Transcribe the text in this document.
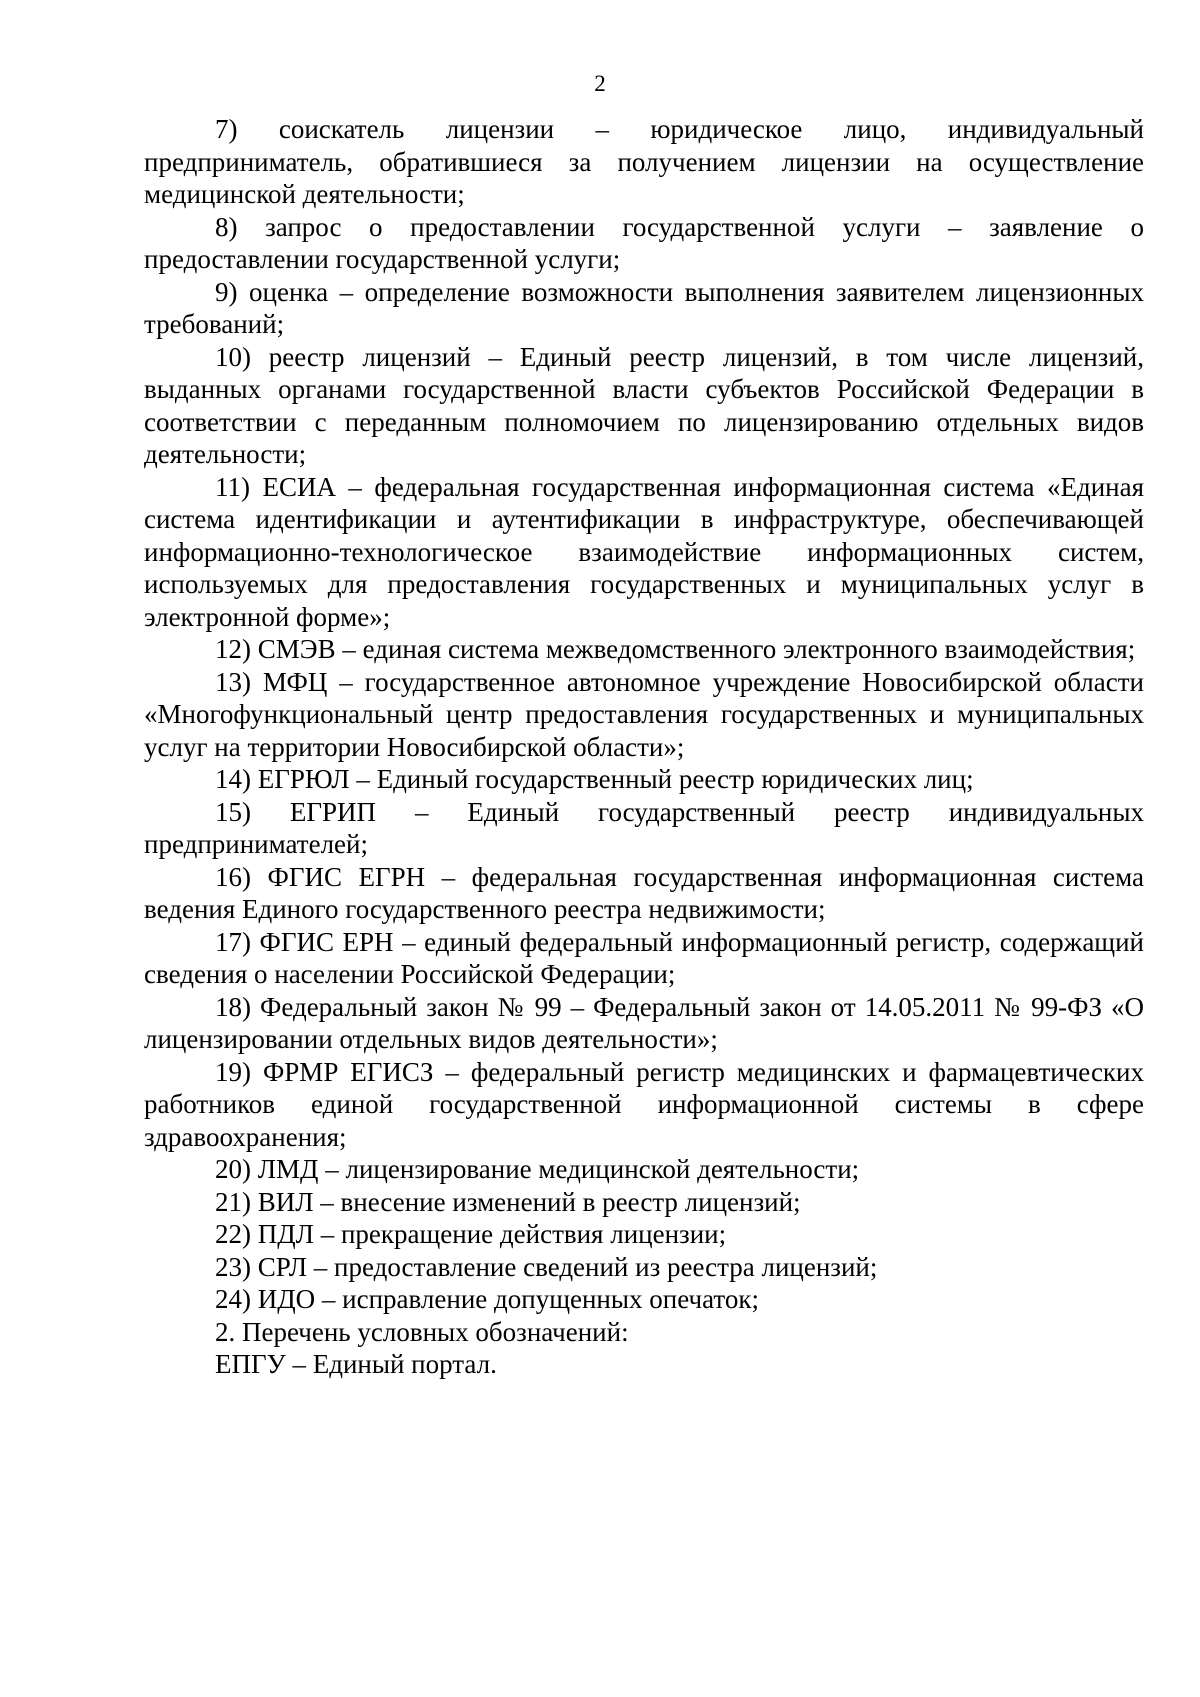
2

7) соискатель лицензии – юридическое лицо, индивидуальный предприниматель, обратившиеся за получением лицензии на осуществление медицинской деятельности;

8) запрос о предоставлении государственной услуги – заявление о предоставлении государственной услуги;

9) оценка – определение возможности выполнения заявителем лицензионных требований;

10) реестр лицензий – Единый реестр лицензий, в том числе лицензий, выданных органами государственной власти субъектов Российской Федерации в соответствии с переданным полномочием по лицензированию отдельных видов деятельности;

11) ЕСИА – федеральная государственная информационная система «Единая система идентификации и аутентификации в инфраструктуре, обеспечивающей информационно-технологическое взаимодействие информационных систем, используемых для предоставления государственных и муниципальных услуг в электронной форме»;

12) СМЭВ – единая система межведомственного электронного взаимодействия;

13) МФЦ – государственное автономное учреждение Новосибирской области «Многофункциональный центр предоставления государственных и муниципальных услуг на территории Новосибирской области»;

14) ЕГРЮЛ – Единый государственный реестр юридических лиц;

15) ЕГРИП – Единый государственный реестр индивидуальных предпринимателей;

16) ФГИС ЕГРН – федеральная государственная информационная система ведения Единого государственного реестра недвижимости;

17) ФГИС ЕРН – единый федеральный информационный регистр, содержащий сведения о населении Российской Федерации;

18) Федеральный закон № 99 – Федеральный закон от 14.05.2011 № 99-ФЗ «О лицензировании отдельных видов деятельности»;

19) ФРМР ЕГИСЗ – федеральный регистр медицинских и фармацевтических работников единой государственной информационной системы в сфере здравоохранения;

20) ЛМД – лицензирование медицинской деятельности;

21) ВИЛ – внесение изменений в реестр лицензий;

22) ПДЛ – прекращение действия лицензии;

23) СРЛ – предоставление сведений из реестра лицензий;

24) ИДО – исправление допущенных опечаток;

2. Перечень условных обозначений:

ЕПГУ – Единый портал.
